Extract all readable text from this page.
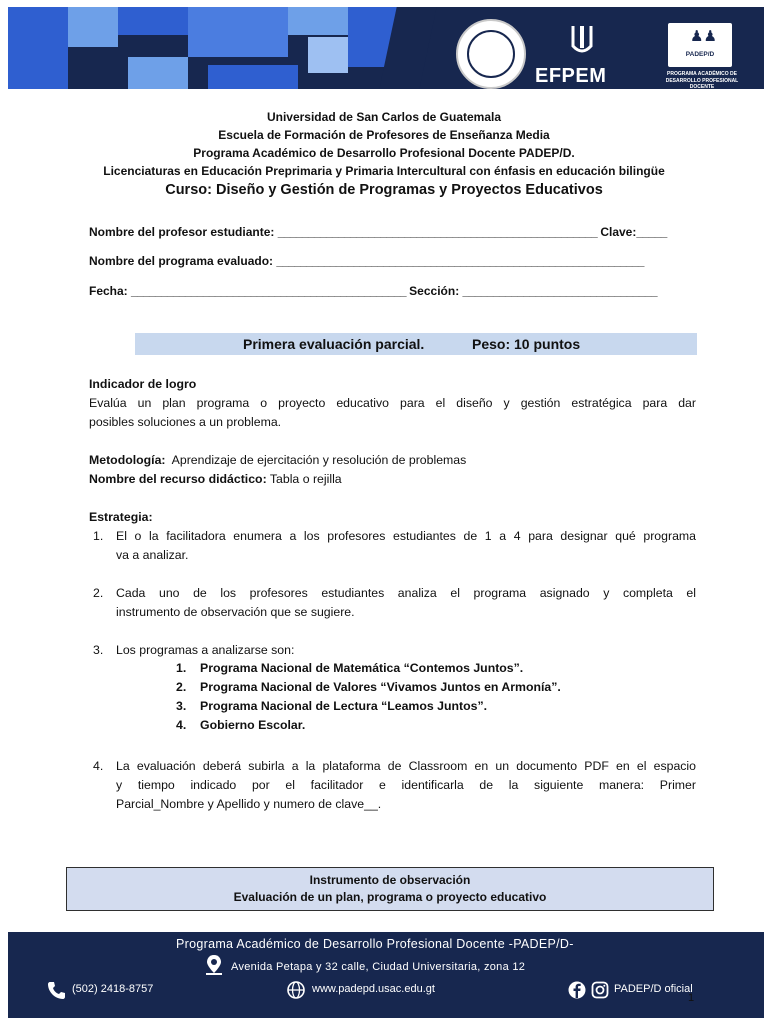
EFPEM
♟♟
PADEP/D
PROGRAMA ACADÉMICO DE DESARROLLO PROFESIONAL DOCENTE
Universidad de San Carlos de Guatemala
Escuela de Formación de Profesores de Enseñanza Media
Programa Académico de Desarrollo Profesional Docente PADEP/D.
Licenciaturas en Educación Preprimaria y Primaria Intercultural con énfasis en educación bilingüe
Curso: Diseño y Gestión de Programas y Proyectos Educativos
Nombre del profesor estudiante: _____________________________________________________ Clave:_____
Nombre del programa evaluado: ______________________________________________________________
Fecha: ______________________________________________ Sección: ________________________________
Primera evaluación parcial.	Peso: 10 puntos
Indicador de logro
Evalúa un plan programa o proyecto educativo para el diseño y gestión estratégica para dar
posibles soluciones a un problema.
Metodología: Aprendizaje de ejercitación y resolución de problemas
Nombre del recurso didáctico: Tabla o rejilla
Estrategia:
1. El o la facilitadora enumera a los profesores estudiantes de 1 a 4 para designar qué programa
va a analizar.
2. Cada uno de los profesores estudiantes analiza el programa asignado y completa el
instrumento de observación que se sugiere.
3. Los programas a analizarse son:
1. Programa Nacional de Matemática “Contemos Juntos”.
2. Programa Nacional de Valores “Vivamos Juntos en Armonía”.
3. Programa Nacional de Lectura “Leamos Juntos”.
4. Gobierno Escolar.
4. La evaluación deberá subirla a la plataforma de Classroom en un documento PDF en el espacio
y tiempo indicado por el facilitador e identificarla de la siguiente manera: Primer
Parcial_Nombre y Apellido y numero de clave__.
Instrumento de observación
Evaluación de un plan, programa o proyecto educativo
Programa Académico de Desarrollo Profesional Docente -PADEP/D-
Avenida Petapa y 32 calle, Ciudad Universitaria, zona 12
(502) 2418-8757	www.padepd.usac.edu.gt	PADEP/D oficial
1
